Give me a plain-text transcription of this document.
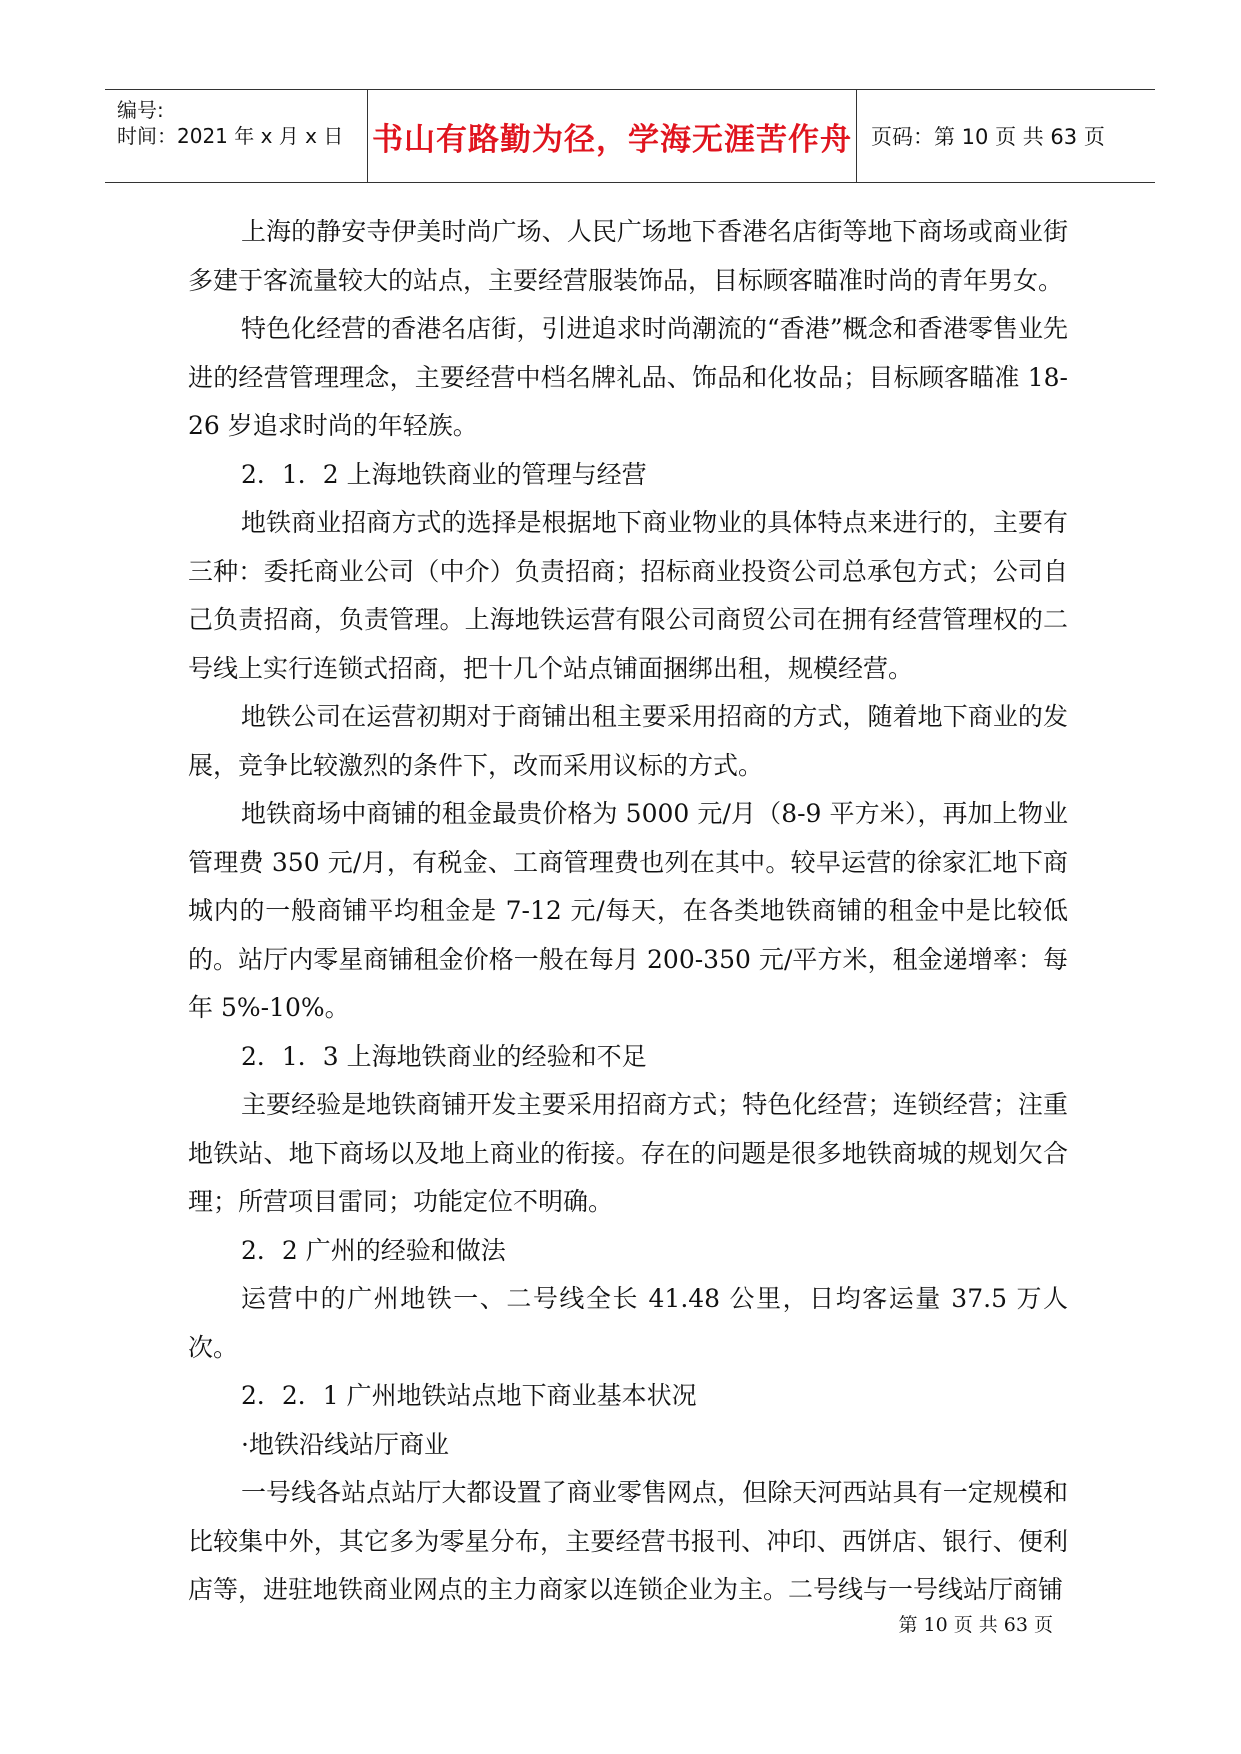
编号:
时间：2021 年 x 月 x 日 书山有路勤为径，学海无涯苦作舟 页码：第 10 页 共 63 页

上海的静安寺伊美时尚广场、人民广场地下香港名店街等地下商场或商业街多建于客流量较大的站点，主要经营服装饰品，目标顾客瞄准时尚的青年男女。

特色化经营的香港名店街，引进追求时尚潮流的“香港”概念和香港零售业先进的经营管理理念，主要经营中档名牌礼品、饰品和化妆品；目标顾客瞄准 18-26 岁追求时尚的年轻族。

2．1．2 上海地铁商业的管理与经营

地铁商业招商方式的选择是根据地下商业物业的具体特点来进行的，主要有三种：委托商业公司（中介）负责招商；招标商业投资公司总承包方式；公司自己负责招商，负责管理。上海地铁运营有限公司商贸公司在拥有经营管理权的二号线上实行连锁式招商，把十几个站点铺面捆绑出租，规模经营。

地铁公司在运营初期对于商铺出租主要采用招商的方式，随着地下商业的发展，竞争比较激烈的条件下，改而采用议标的方式。

地铁商场中商铺的租金最贵价格为 5000 元/月（8-9 平方米），再加上物业管理费 350 元/月，有税金、工商管理费也列在其中。较早运营的徐家汇地下商城内的一般商铺平均租金是 7-12 元/每天，在各类地铁商铺的租金中是比较低的。站厅内零星商铺租金价格一般在每月 200-350 元/平方米，租金递增率：每年 5%-10%。

2．1．3 上海地铁商业的经验和不足

主要经验是地铁商铺开发主要采用招商方式；特色化经营；连锁经营；注重地铁站、地下商场以及地上商业的衔接。存在的问题是很多地铁商城的规划欠合理；所营项目雷同；功能定位不明确。

2．2 广州的经验和做法

运营中的广州地铁一、二号线全长 41.48 公里，日均客运量 37.5 万人次。

2．2．1 广州地铁站点地下商业基本状况

·地铁沿线站厅商业

一号线各站点站厅大都设置了商业零售网点，但除天河西站具有一定规模和比较集中外，其它多为零星分布，主要经营书报刊、冲印、西饼店、银行、便利店等，进驻地铁商业网点的主力商家以连锁企业为主。二号线与一号线站厅商铺

第 10 页 共 63 页
